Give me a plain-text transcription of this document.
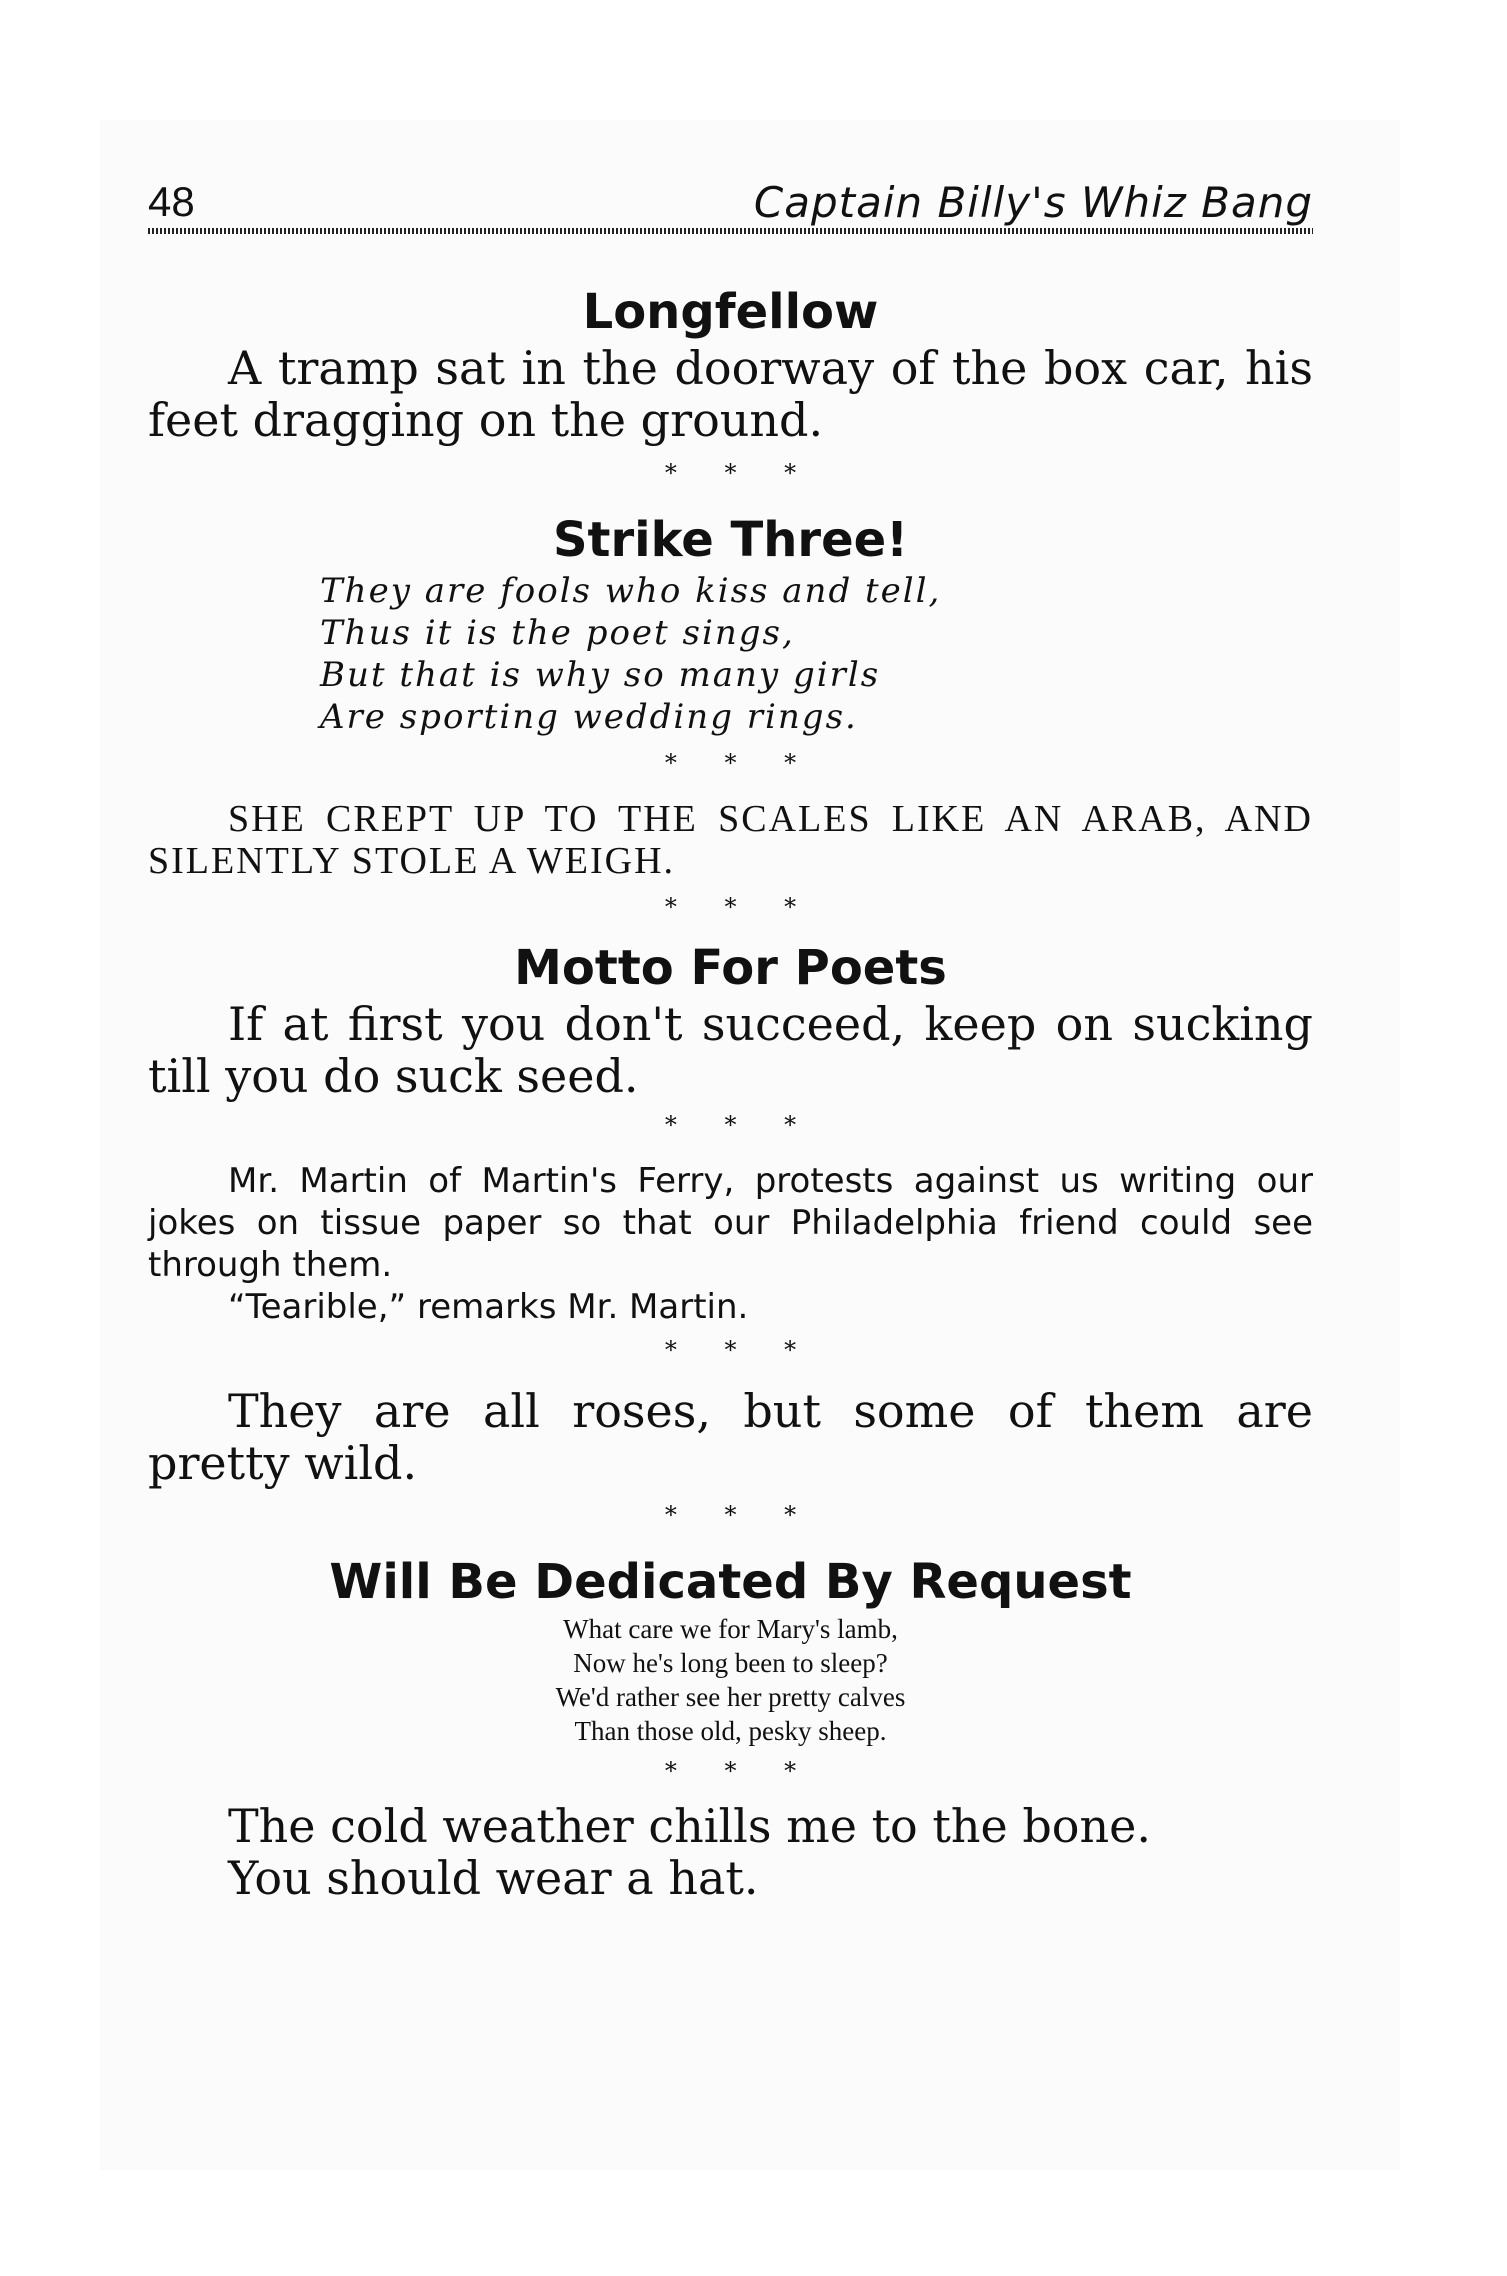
48	Captain Billy's Whiz Bang
Longfellow
A tramp sat in the doorway of the box car, his feet dragging on the ground.
* * *
Strike Three!
They are fools who kiss and tell,
Thus it is the poet sings,
But that is why so many girls
Are sporting wedding rings.
* * *
SHE CREPT UP TO THE SCALES LIKE AN ARAB, AND SILENTLY STOLE A WEIGH.
* * *
Motto For Poets
If at first you don't succeed, keep on sucking till you do suck seed.
* * *
Mr. Martin of Martin's Ferry, protests against us writing our jokes on tissue paper so that our Philadelphia friend could see through them.
“Tearible,” remarks Mr. Martin.
* * *
They are all roses, but some of them are pretty wild.
* * *
Will Be Dedicated By Request
What care we for Mary's lamb,
Now he's long been to sleep?
We'd rather see her pretty calves
Than those old, pesky sheep.
* * *
The cold weather chills me to the bone.
You should wear a hat.
